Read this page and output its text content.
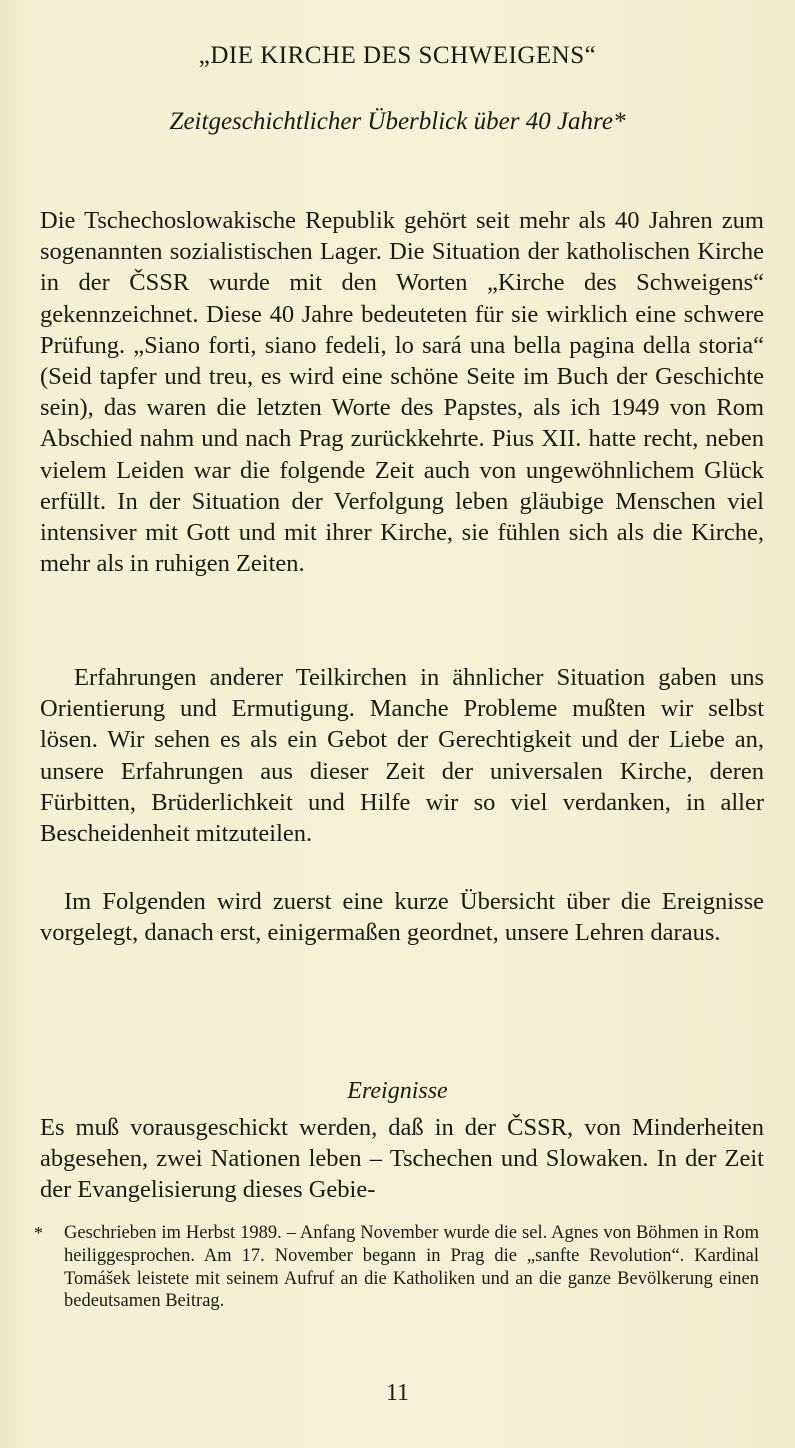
„DIE KIRCHE DES SCHWEIGENS“

Zeitgeschichtlicher Überblick über 40 Jahre*

Die Tschechoslowakische Republik gehört seit mehr als 40 Jahren zum sogenannten sozialistischen Lager. Die Situation der katholischen Kirche in der ČSSR wurde mit den Worten „Kirche des Schweigens“ gekennzeichnet. Diese 40 Jahre bedeuteten für sie wirklich eine schwere Prüfung. „Siano forti, siano fedeli, lo sará una bella pagina della storia“ (Seid tapfer und treu, es wird eine schöne Seite im Buch der Geschichte sein), das waren die letzten Worte des Papstes, als ich 1949 von Rom Abschied nahm und nach Prag zurückkehrte. Pius XII. hatte recht, neben vielem Leiden war die folgende Zeit auch von ungewöhnlichem Glück erfüllt. In der Situation der Verfolgung leben gläubige Menschen viel intensiver mit Gott und mit ihrer Kirche, sie fühlen sich als die Kirche, mehr als in ruhigen Zeiten.

Erfahrungen anderer Teilkirchen in ähnlicher Situation gaben uns Orientierung und Ermutigung. Manche Probleme mußten wir selbst lösen. Wir sehen es als ein Gebot der Gerechtigkeit und der Liebe an, unsere Erfahrungen aus dieser Zeit der universalen Kirche, deren Fürbitten, Brüderlichkeit und Hilfe wir so viel verdanken, in aller Bescheidenheit mitzuteilen.

Im Folgenden wird zuerst eine kurze Übersicht über die Ereignisse vorgelegt, danach erst, einigermaßen geordnet, unsere Lehren daraus.

Ereignisse

Es muß vorausgeschickt werden, daß in der ČSSR, von Minderheiten abgesehen, zwei Nationen leben – Tschechen und Slowaken. In der Zeit der Evangelisierung dieses Gebie-

* Geschrieben im Herbst 1989. – Anfang November wurde die sel. Agnes von Böhmen in Rom heiliggesprochen. Am 17. November begann in Prag die „sanfte Revolution“. Kardinal Tomášek leistete mit seinem Aufruf an die Katholiken und an die ganze Bevölkerung einen bedeutsamen Beitrag.

11
